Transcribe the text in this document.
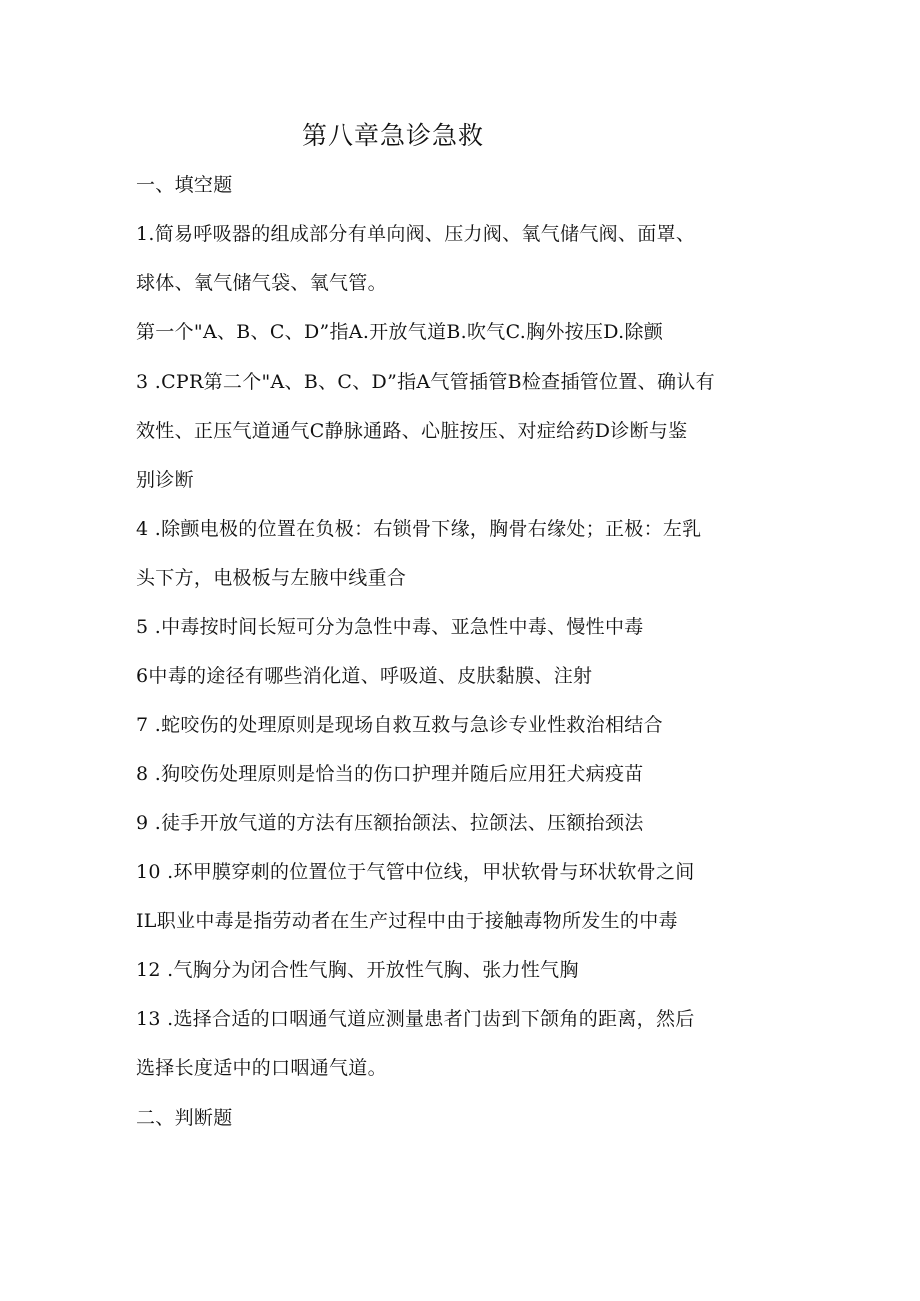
第八章急诊急救
一、填空题
1.简易呼吸器的组成部分有单向阀、压力阀、氧气储气阀、面罩、
球体、氧气储气袋、氧气管。
第一个"A、B、C、D”指A.开放气道B.吹气C.胸外按压D.除颤
3 .CPR第二个"A、B、C、D”指A气管插管B检查插管位置、确认有
效性、正压气道通气C静脉通路、心脏按压、对症给药D诊断与鉴
别诊断
4 .除颤电极的位置在负极：右锁骨下缘，胸骨右缘处；正极：左乳
头下方，电极板与左腋中线重合
5 .中毒按时间长短可分为急性中毒、亚急性中毒、慢性中毒
6中毒的途径有哪些消化道、呼吸道、皮肤黏膜、注射
7 .蛇咬伤的处理原则是现场自救互救与急诊专业性救治相结合
8 .狗咬伤处理原则是恰当的伤口护理并随后应用狂犬病疫苗
9 .徒手开放气道的方法有压额抬颌法、拉颌法、压额抬颈法
10 .环甲膜穿刺的位置位于气管中位线，甲状软骨与环状软骨之间
IL职业中毒是指劳动者在生产过程中由于接触毒物所发生的中毒
12 .气胸分为闭合性气胸、开放性气胸、张力性气胸
13 .选择合适的口咽通气道应测量患者门齿到下颌角的距离，然后
选择长度适中的口咽通气道。
二、判断题
